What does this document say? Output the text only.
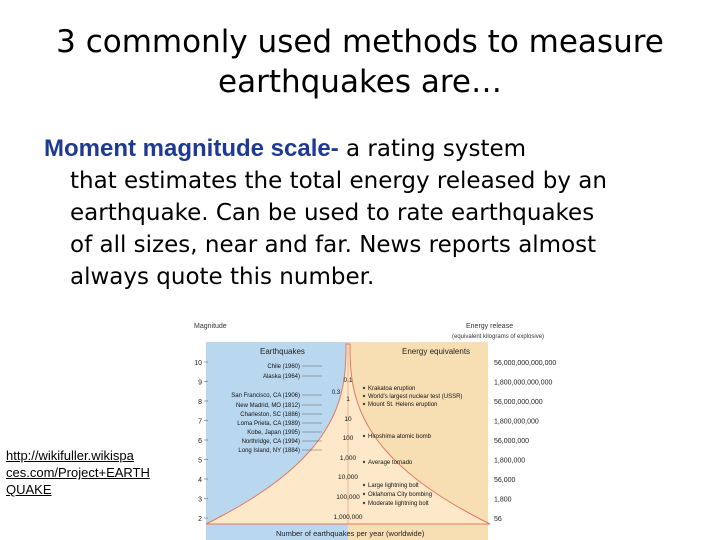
3 commonly used methods to measure
earthquakes are…
Moment magnitude scale- a rating system
that estimates the total energy released by an
earthquake. Can be used to rate earthquakes
of all sizes, near and far. News reports almost
always quote this number.
http://wikifuller.wikispa
ces.com/Project+EARTH
QUAKE
Magnitude	Energy release
(equivalent kilograms of explosive)
Earthquakes	Energy equivalents
10
9
8
7
6
5
4
3
2
56,000,000,000,000
1,800,000,000,000
56,000,000,000
1,800,000,000
56,000,000
1,800,000
56,000
1,800
56
Chile (1960)
Alaska (1964)
San Francisco, CA (1906)
New Madrid, MO (1812)
Charleston, SC (1886)
Loma Prieta, CA (1989)
Kobe, Japan (1995)
Northridge, CA (1994)
Long Island, NY (1884)
0.1
1
10
100
1,000
10,000
100,000
1,000,000
0.3
Krakatoa eruption
World's largest nuclear test (USSR)
Mount St. Helens eruption
Hiroshima atomic bomb
Average tornado
Large lightning bolt
Oklahoma City bombing
Moderate lightning bolt
Number of earthquakes per year (worldwide)
